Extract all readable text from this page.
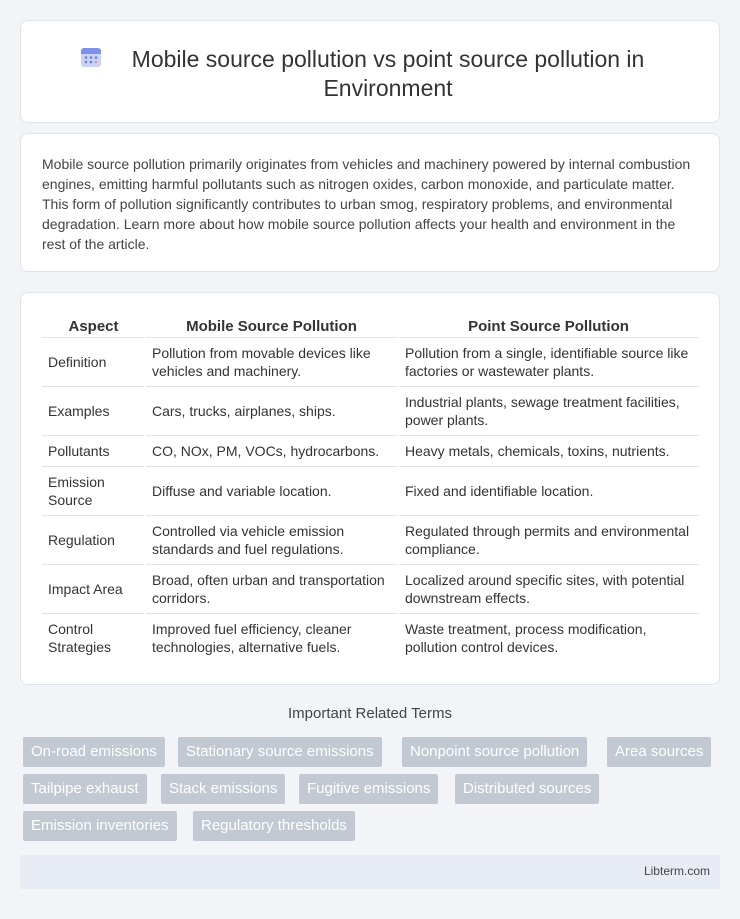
Mobile source pollution vs point source pollution in Environment

Mobile source pollution primarily originates from vehicles and machinery powered by internal combustion engines, emitting harmful pollutants such as nitrogen oxides, carbon monoxide, and particulate matter. This form of pollution significantly contributes to urban smog, respiratory problems, and environmental degradation. Learn more about how mobile source pollution affects your health and environment in the rest of the article.

Aspect	Mobile Source Pollution	Point Source Pollution
Definition	Pollution from movable devices like vehicles and machinery.	Pollution from a single, identifiable source like factories or wastewater plants.
Examples	Cars, trucks, airplanes, ships.	Industrial plants, sewage treatment facilities, power plants.
Pollutants	CO, NOx, PM, VOCs, hydrocarbons.	Heavy metals, chemicals, toxins, nutrients.
Emission Source	Diffuse and variable location.	Fixed and identifiable location.
Regulation	Controlled via vehicle emission standards and fuel regulations.	Regulated through permits and environmental compliance.
Impact Area	Broad, often urban and transportation corridors.	Localized around specific sites, with potential downstream effects.
Control Strategies	Improved fuel efficiency, cleaner technologies, alternative fuels.	Waste treatment, process modification, pollution control devices.
Important Related Terms
On-road emissions	Stationary source emissions	Nonpoint source pollution	Area sources
Tailpipe exhaust	Stack emissions	Fugitive emissions	Distributed sources
Emission inventories	Regulatory thresholds
Libterm.com
